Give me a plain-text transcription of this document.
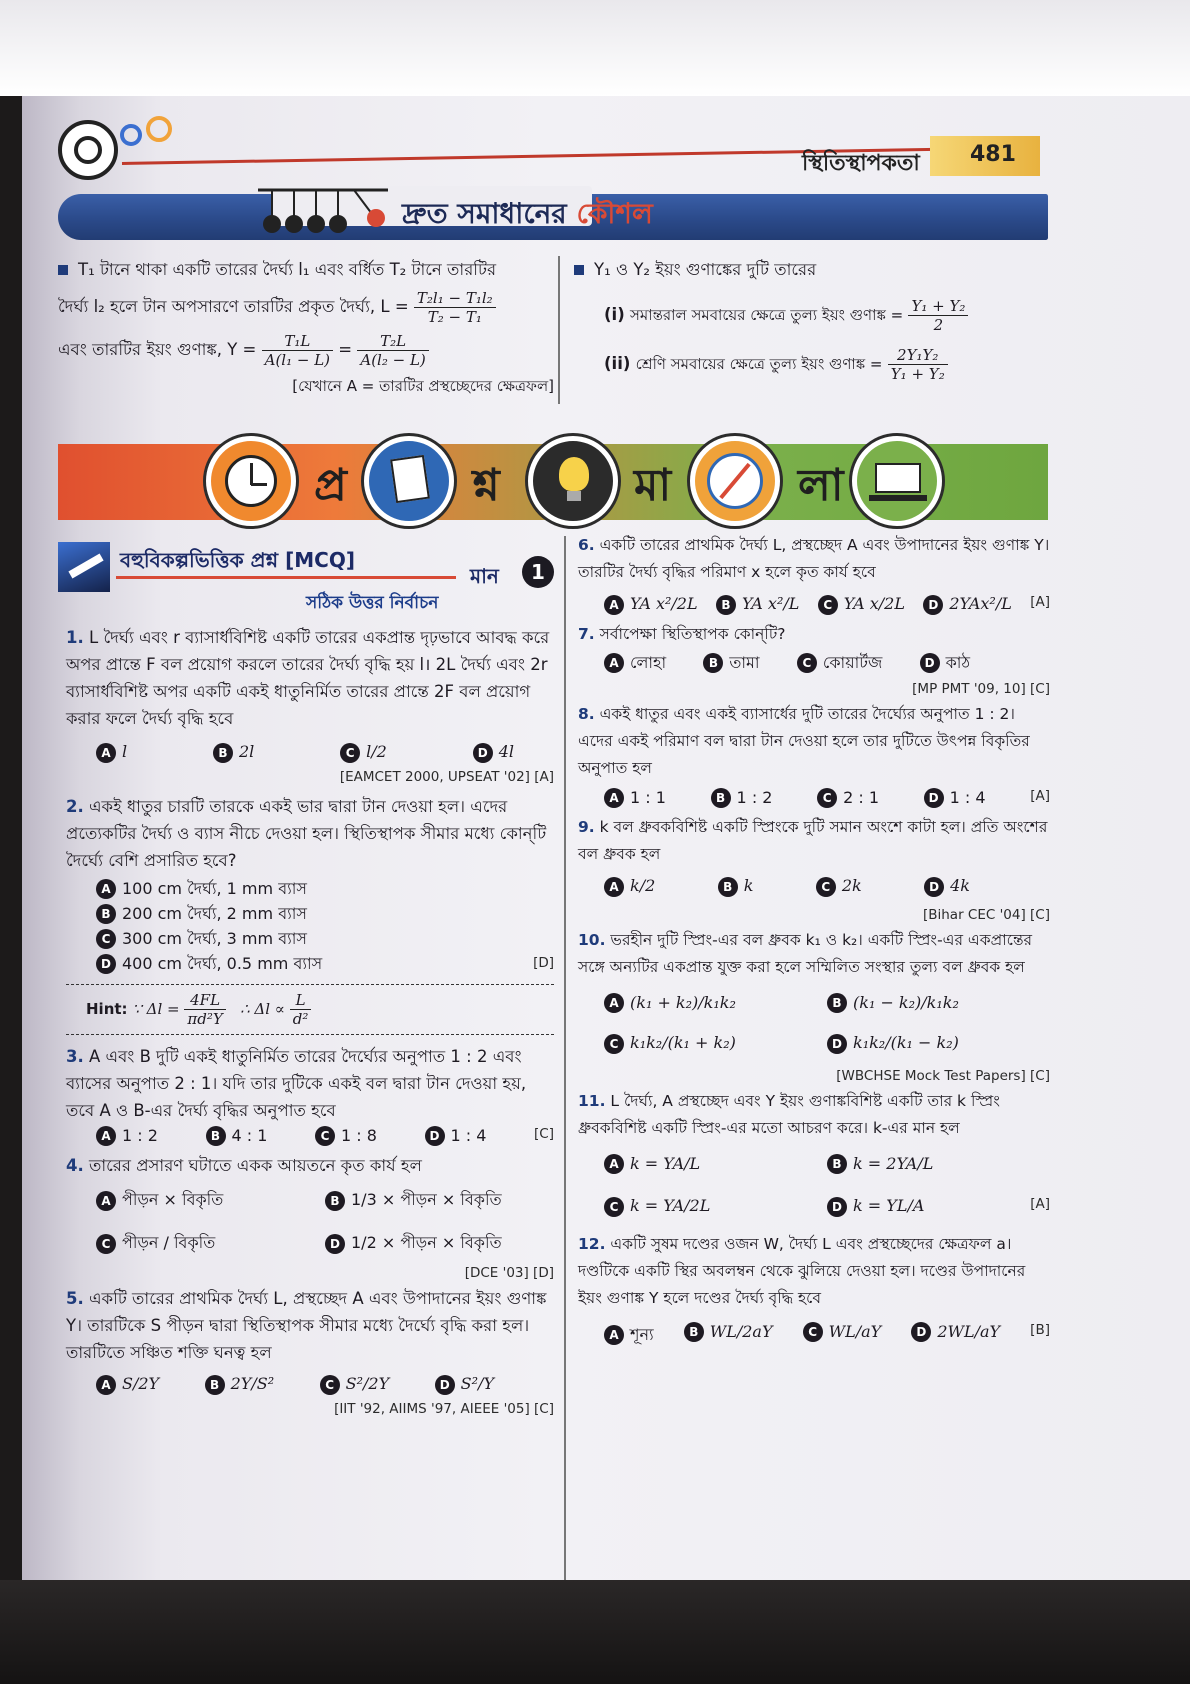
স্থিতিস্থাপকতা	481
দ্রুত সমাধানের কৌশল
T₁ টানে থাকা একটি তারের দৈর্ঘ্য l₁ এবং বর্ধিত T₂ টানে তারটির
দৈর্ঘ্য l₂ হলে টান অপসারণে তারটির প্রকৃত দৈর্ঘ্য, $L = \frac{\text{T₂l₁ − T₁l₂}}{\text{T₂ − T₁}}$
এবং তারটির ইয়ং গুণাঙ্ক, $Y = \frac{\text{T₁L}}{\text{A(l₁ − L)}} = \frac{\text{T₂L}}{\text{A(l₂ − L)}}$
[যেখানে A = তারটির প্রস্থচ্ছেদের ক্ষেত্রফল]
Y₁ ও Y₂ ইয়ং গুণাঙ্কের দুটি তারের
(i) সমান্তরাল সমবায়ের ক্ষেত্রে তুল্য ইয়ং গুণাঙ্ক = $\frac{\text{Y₁ + Y₂}}{2}$
(ii) শ্রেণি সমবায়ের ক্ষেত্রে তুল্য ইয়ং গুণাঙ্ক = $\frac{\text{2Y₁Y₂}}{\text{Y₁ + Y₂}}$
প্র	শ্ন	মা	লা
বহুবিকল্পভিত্তিক প্রশ্ন [MCQ]
মান	1
সঠিক উত্তর নির্বাচন
1. L দৈর্ঘ্য এবং r ব্যাসার্ধবিশিষ্ট একটি তারের একপ্রান্ত দৃঢ়ভাবে আবদ্ধ করে অপর প্রান্তে F বল প্রয়োগ করলে তারের দৈর্ঘ্য বৃদ্ধি হয় l। 2L দৈর্ঘ্য এবং 2r ব্যাসার্ধবিশিষ্ট অপর একটি একই ধাতুনির্মিত তারের প্রান্তে 2F বল প্রয়োগ করার ফলে দৈর্ঘ্য বৃদ্ধি হবে
A l	B 2l	C l/2	D 4l
[EAMCET 2000, UPSEAT '02] [A]
2. একই ধাতুর চারটি তারকে একই ভার দ্বারা টান দেওয়া হল। এদের প্রত্যেকটির দৈর্ঘ্য ও ব্যাস নীচে দেওয়া হল। স্থিতিস্থাপক সীমার মধ্যে কোন্‌টি দৈর্ঘ্যে বেশি প্রসারিত হবে?
A 100 cm দৈর্ঘ্য, 1 mm ব্যাস
B 200 cm দৈর্ঘ্য, 2 mm ব্যাস
C 300 cm দৈর্ঘ্য, 3 mm ব্যাস
D 400 cm দৈর্ঘ্য, 0.5 mm ব্যাস	[D]
Hint: ∵ $\Delta l = \frac{4FL}{\text{πd²Y}}$ ∴ $\Delta l \propto \frac{L}{\text{d²}}$
3. A এবং B দুটি একই ধাতুনির্মিত তারের দৈর্ঘ্যের অনুপাত 1 : 2 এবং ব্যাসের অনুপাত 2 : 1। যদি তার দুটিকে একই বল দ্বারা টান দেওয়া হয়, তবে A ও B-এর দৈর্ঘ্য বৃদ্ধির অনুপাত হবে
A 1 : 2	B 4 : 1	C 1 : 8	D 1 : 4	[C]
4. তারের প্রসারণ ঘটাতে একক আয়তনে কৃত কার্য হল
A পীড়ন × বিকৃতি	B 1/3 × পীড়ন × বিকৃতি
C পীড়ন / বিকৃতি	D 1/2 × পীড়ন × বিকৃতি
[DCE '03] [D]
5. একটি তারের প্রাথমিক দৈর্ঘ্য L, প্রস্থচ্ছেদ A এবং উপাদানের ইয়ং গুণাঙ্ক Y। তারটিকে S পীড়ন দ্বারা স্থিতিস্থাপক সীমার মধ্যে দৈর্ঘ্যে বৃদ্ধি করা হল। তারটিতে সঞ্চিত শক্তি ঘনত্ব হল
A S/2Y	B 2Y/S²	C S²/2Y	D S²/Y
[IIT '92, AIIMS '97, AIEEE '05] [C]
6. একটি তারের প্রাথমিক দৈর্ঘ্য L, প্রস্থচ্ছেদ A এবং উপাদানের ইয়ং গুণাঙ্ক Y। তারটির দৈর্ঘ্য বৃদ্ধির পরিমাণ x হলে কৃত কার্য হবে
A YA x²/2L	B YA x²/L	C YA x/2L	D 2YAx²/L [A]
7. সর্বাপেক্ষা স্থিতিস্থাপক কোন্‌টি?
A লোহা	B তামা	C কোয়ার্টজ	D কাঠ
[MP PMT '09, 10] [C]
8. একই ধাতুর এবং একই ব্যাসার্ধের দুটি তারের দৈর্ঘ্যের অনুপাত 1 : 2। এদের একই পরিমাণ বল দ্বারা টান দেওয়া হলে তার দুটিতে উৎপন্ন বিকৃতির অনুপাত হল
A 1 : 1	B 1 : 2	C 2 : 1	D 1 : 4	[A]
9. k বল ধ্রুবকবিশিষ্ট একটি স্প্রিংকে দুটি সমান অংশে কাটা হল। প্রতি অংশের বল ধ্রুবক হল
A k/2	B k	C 2k	D 4k
[Bihar CEC '04] [C]
10. ভরহীন দুটি স্প্রিং-এর বল ধ্রুবক k₁ ও k₂। একটি স্প্রিং-এর একপ্রান্তের সঙ্গে অন্যটির একপ্রান্ত যুক্ত করা হলে সম্মিলিত সংস্থার তুল্য বল ধ্রুবক হল
A (k₁ + k₂)/k₁k₂	B (k₁ − k₂)/k₁k₂
C k₁k₂/(k₁ + k₂)	D k₁k₂/(k₁ − k₂)
[WBCHSE Mock Test Papers] [C]
11. L দৈর্ঘ্য, A প্রস্থচ্ছেদ এবং Y ইয়ং গুণাঙ্কবিশিষ্ট একটি তার k স্প্রিং ধ্রুবকবিশিষ্ট একটি স্প্রিং-এর মতো আচরণ করে। k-এর মান হল
A k = YA/L	B k = 2YA/L
C k = YA/2L	D k = YL/A	[A]
12. একটি সুষম দণ্ডের ওজন W, দৈর্ঘ্য L এবং প্রস্থচ্ছেদের ক্ষেত্রফল a। দণ্ডটিকে একটি স্থির অবলম্বন থেকে ঝুলিয়ে দেওয়া হল। দণ্ডের উপাদানের ইয়ং গুণাঙ্ক Y হলে দণ্ডের দৈর্ঘ্য বৃদ্ধি হবে
A শূন্য	B WL/2aY	C WL/aY	D 2WL/aY [B]
